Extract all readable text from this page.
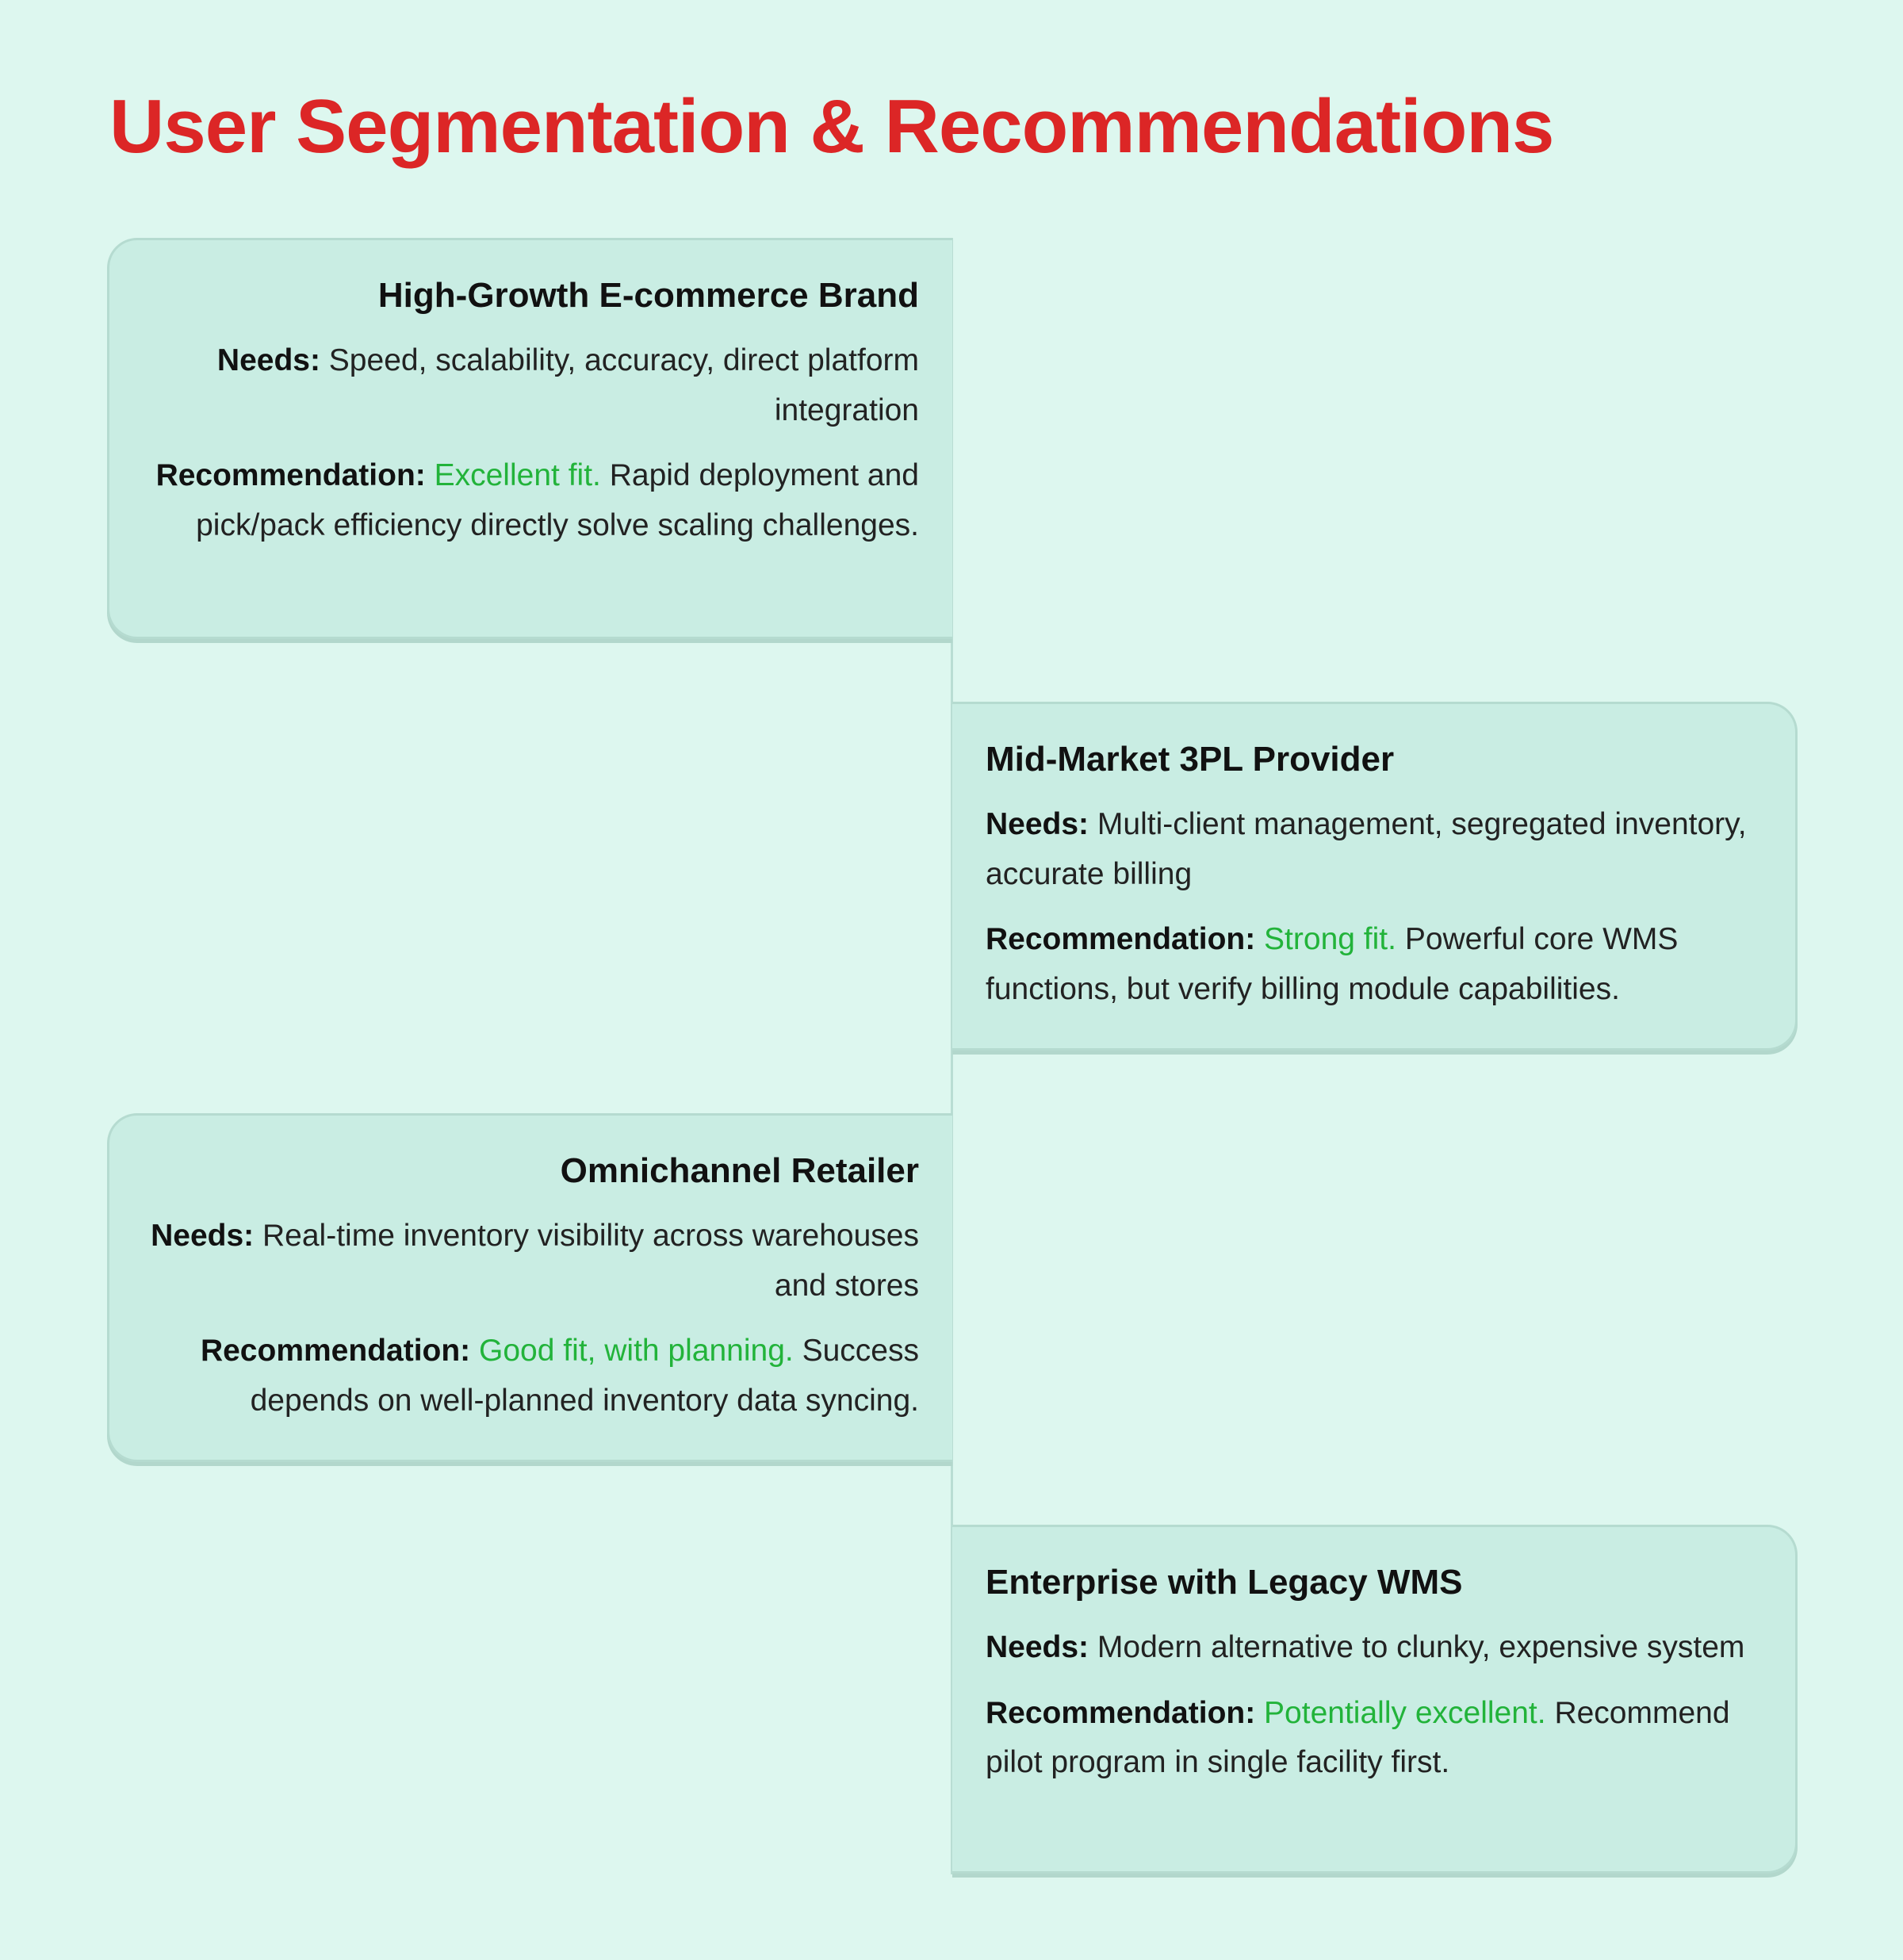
User Segmentation & Recommendations
High-Growth E-commerce Brand

Needs: Speed, scalability, accuracy, direct platform integration

Recommendation: Excellent fit. Rapid deployment and pick/pack efficiency directly solve scaling challenges.

Mid-Market 3PL Provider

Needs: Multi-client management, segregated inventory, accurate billing

Recommendation: Strong fit. Powerful core WMS functions, but verify billing module capabilities.

Omnichannel Retailer

Needs: Real-time inventory visibility across warehouses and stores

Recommendation: Good fit, with planning. Success depends on well-planned inventory data syncing.

Enterprise with Legacy WMS

Needs: Modern alternative to clunky, expensive system

Recommendation: Potentially excellent. Recommend pilot program in single facility first.
